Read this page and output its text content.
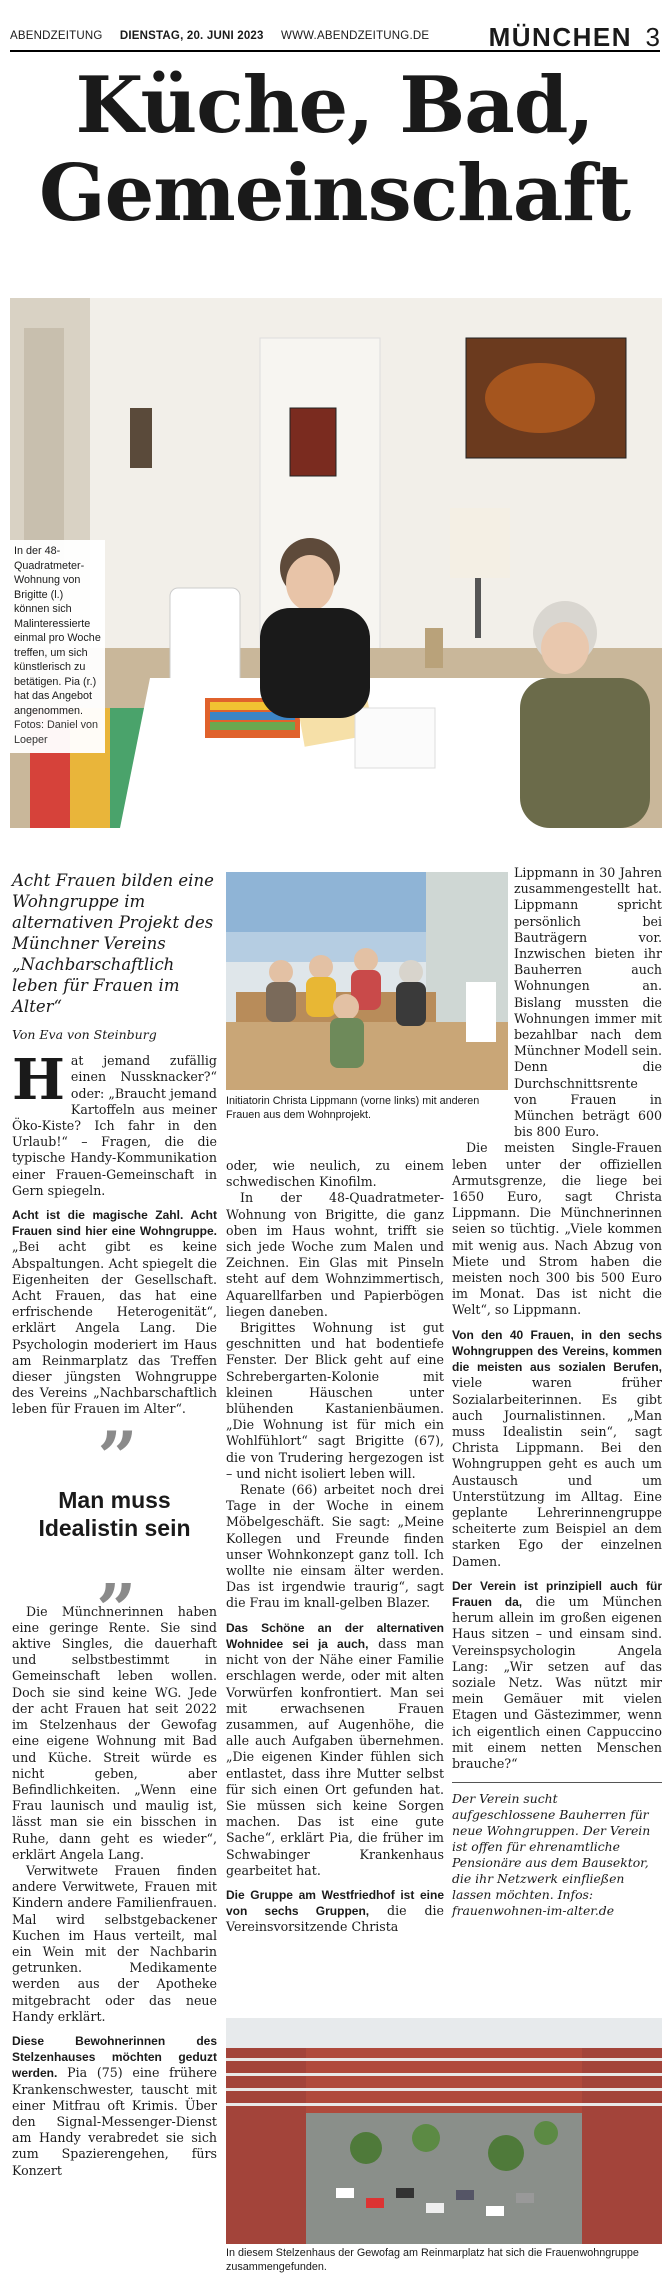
ABENDZEITUNG DIENSTAG, 20. JUNI 2023 WWW.ABENDZEITUNG.DE	MÜNCHEN 3
Küche, Bad,
Gemeinschaft
In der 48-Quadratmeter-Wohnung von Brigitte (l.) können sich Malinteressierte einmal pro Woche treffen, um sich künstlerisch zu betätigen. Pia (r.) hat das Angebot angenommen. Fotos: Daniel von Loeper
Acht Frauen bilden eine Wohngruppe im alternativen Projekt des Münchner Vereins „Nachbarschaftlich leben für Frauen im Alter“
Von Eva von Steinburg
H at jemand zufällig einen Nussknacker?“ oder: „Braucht jemand Kartoffeln aus meiner Öko-Kiste? Ich fahr in den Urlaub!“ – Fragen, die die typische Handy-Kommunikation einer Frauen-Gemeinschaft in Gern spiegeln.

Acht ist die magische Zahl. Acht Frauen sind hier eine Wohngruppe. „Bei acht gibt es keine Abspaltungen. Acht spiegelt die Eigenheiten der Gesellschaft. Acht Frauen, das hat eine erfrischende Heterogenität“, erklärt Angela Lang. Die Psychologin moderiert im Haus am Reinmarplatz das Treffen dieser jüngsten Wohngruppe des Vereins „Nachbarschaftlich leben für Frauen im Alter“.

”
Man muss Idealistin sein
„

Die Münchnerinnen haben eine geringe Rente. Sie sind aktive Singles, die dauerhaft und selbstbestimmt in Gemeinschaft leben wollen. Doch sie sind keine WG. Jede der acht Frauen hat seit 2022 im Stelzenhaus der Gewofag eine eigene Wohnung mit Bad und Küche. Streit würde es nicht geben, aber Befindlichkeiten. „Wenn eine Frau launisch und maulig ist, lässt man sie ein bisschen in Ruhe, dann geht es wieder“, erklärt Angela Lang.

Verwitwete Frauen finden andere Verwitwete, Frauen mit Kindern andere Familienfrauen. Mal wird selbstgebackener Kuchen im Haus verteilt, mal ein Wein mit der Nachbarin getrunken. Medikamente werden aus der Apotheke mitgebracht oder das neue Handy erklärt.

Diese Bewohnerinnen des Stelzenhauses möchten geduzt werden. Pia (75) eine frühere Krankenschwester, tauscht mit einer Mitfrau oft Krimis. Über den Signal-Messenger-Dienst am Handy verabredet sie sich zum Spazierengehen, fürs Konzert

Initiatorin Christa Lippmann (vorne links) mit anderen Frauen aus dem Wohnprojekt.

oder, wie neulich, zu einem schwedischen Kinofilm.

In der 48-Quadratmeter-Wohnung von Brigitte, die ganz oben im Haus wohnt, trifft sie sich jede Woche zum Malen und Zeichnen. Ein Glas mit Pinseln steht auf dem Wohnzimmertisch, Aquarellfarben und Papierbögen liegen daneben.

Brigittes Wohnung ist gut geschnitten und hat bodentiefe Fenster. Der Blick geht auf eine Schrebergarten-Kolonie mit kleinen Häuschen unter blühenden Kastanienbäumen. „Die Wohnung ist für mich ein Wohlfühlort“ sagt Brigitte (67), die von Trudering hergezogen ist – und nicht isoliert leben will.

Renate (66) arbeitet noch drei Tage in der Woche in einem Möbelgeschäft. Sie sagt: „Meine Kollegen und Freunde finden unser Wohnkonzept ganz toll. Ich wollte nie einsam älter werden. Das ist irgendwie traurig“, sagt die Frau im knall-gelben Blazer.

Das Schöne an der alternativen Wohnidee sei ja auch, dass man nicht von der Nähe einer Familie erschlagen werde, oder mit alten Vorwürfen konfrontiert. Man sei mit erwachsenen Frauen zusammen, auf Augenhöhe, die alle auch Aufgaben übernehmen. „Die eigenen Kinder fühlen sich entlastet, dass ihre Mutter selbst für sich einen Ort gefunden hat. Sie müssen sich keine Sorgen machen. Das ist eine gute Sache“, erklärt Pia, die früher im Schwabinger Krankenhaus gearbeitet hat.

Die Gruppe am Westfriedhof ist eine von sechs Gruppen, die die Vereinsvorsitzende Christa

Lippmann in 30 Jahren zusammengestellt hat. Lippmann spricht persönlich bei Bauträgern vor. Inzwischen bieten ihr Bauherren auch Wohnungen an. Bislang mussten die Wohnungen immer mit bezahlbar nach dem Münchner Modell sein. Denn die Durchschnittsrente von Frauen in München beträgt 600 bis 800 Euro.

Die meisten Single-Frauen leben unter der offiziellen Armutsgrenze, die liege bei 1650 Euro, sagt Christa Lippmann. Die Münchnerinnen seien so tüchtig. „Viele kommen mit wenig aus. Nach Abzug von Miete und Strom haben die meisten noch 300 bis 500 Euro im Monat. Das ist nicht die Welt“, so Lippmann.

Von den 40 Frauen, in den sechs Wohngruppen des Vereins, kommen die meisten aus sozialen Berufen, viele waren früher Sozialarbeiterinnen. Es gibt auch Journalistinnen. „Man muss Idealistin sein“, sagt Christa Lippmann. Bei den Wohngruppen geht es auch um Austausch und um Unterstützung im Alltag. Eine geplante Lehrerinnengruppe scheiterte zum Beispiel an dem starken Ego der einzelnen Damen.

Der Verein ist prinzipiell auch für Frauen da, die um München herum allein im großen eigenen Haus sitzen – und einsam sind. Vereinspsychologin Angela Lang: „Wir setzen auf das soziale Netz. Was nützt mir mein Gemäuer mit vielen Etagen und Gästezimmer, wenn ich eigentlich einen Cappuccino mit einem netten Menschen brauche?“

Der Verein sucht aufgeschlossene Bauherren für neue Wohngruppen. Der Verein ist offen für ehrenamtliche Pensionäre aus dem Bausektor, die ihr Netzwerk einfließen lassen möchten. Infos: frauenwohnen-im-alter.de
In diesem Stelzenhaus der Gewofag am Reinmarplatz hat sich die Frauenwohngruppe zusammengefunden.
